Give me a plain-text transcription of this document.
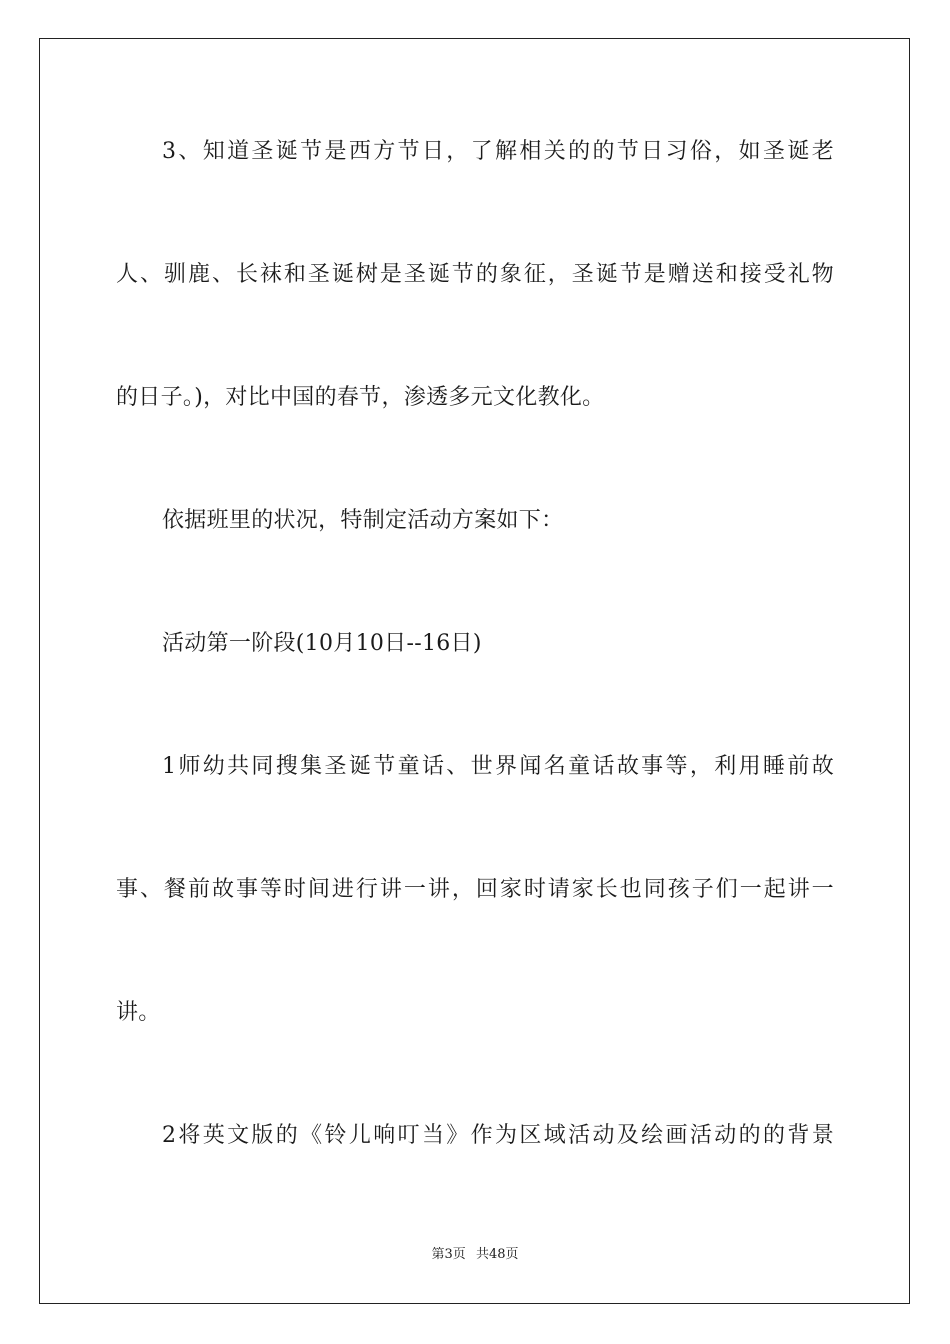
3、知道圣诞节是西方节日，了解相关的的节日习俗，如圣诞老
人、驯鹿、长袜和圣诞树是圣诞节的象征，圣诞节是赠送和接受礼物
的日子。)，对比中国的春节，渗透多元文化教化。
依据班里的状况，特制定活动方案如下：
活动第一阶段(10月10日--16日)
1师幼共同搜集圣诞节童话、世界闻名童话故事等，利用睡前故
事、餐前故事等时间进行讲一讲，回家时请家长也同孩子们一起讲一
讲。
2将英文版的《铃儿响叮当》作为区域活动及绘画活动的的背景
第3页 共48页
